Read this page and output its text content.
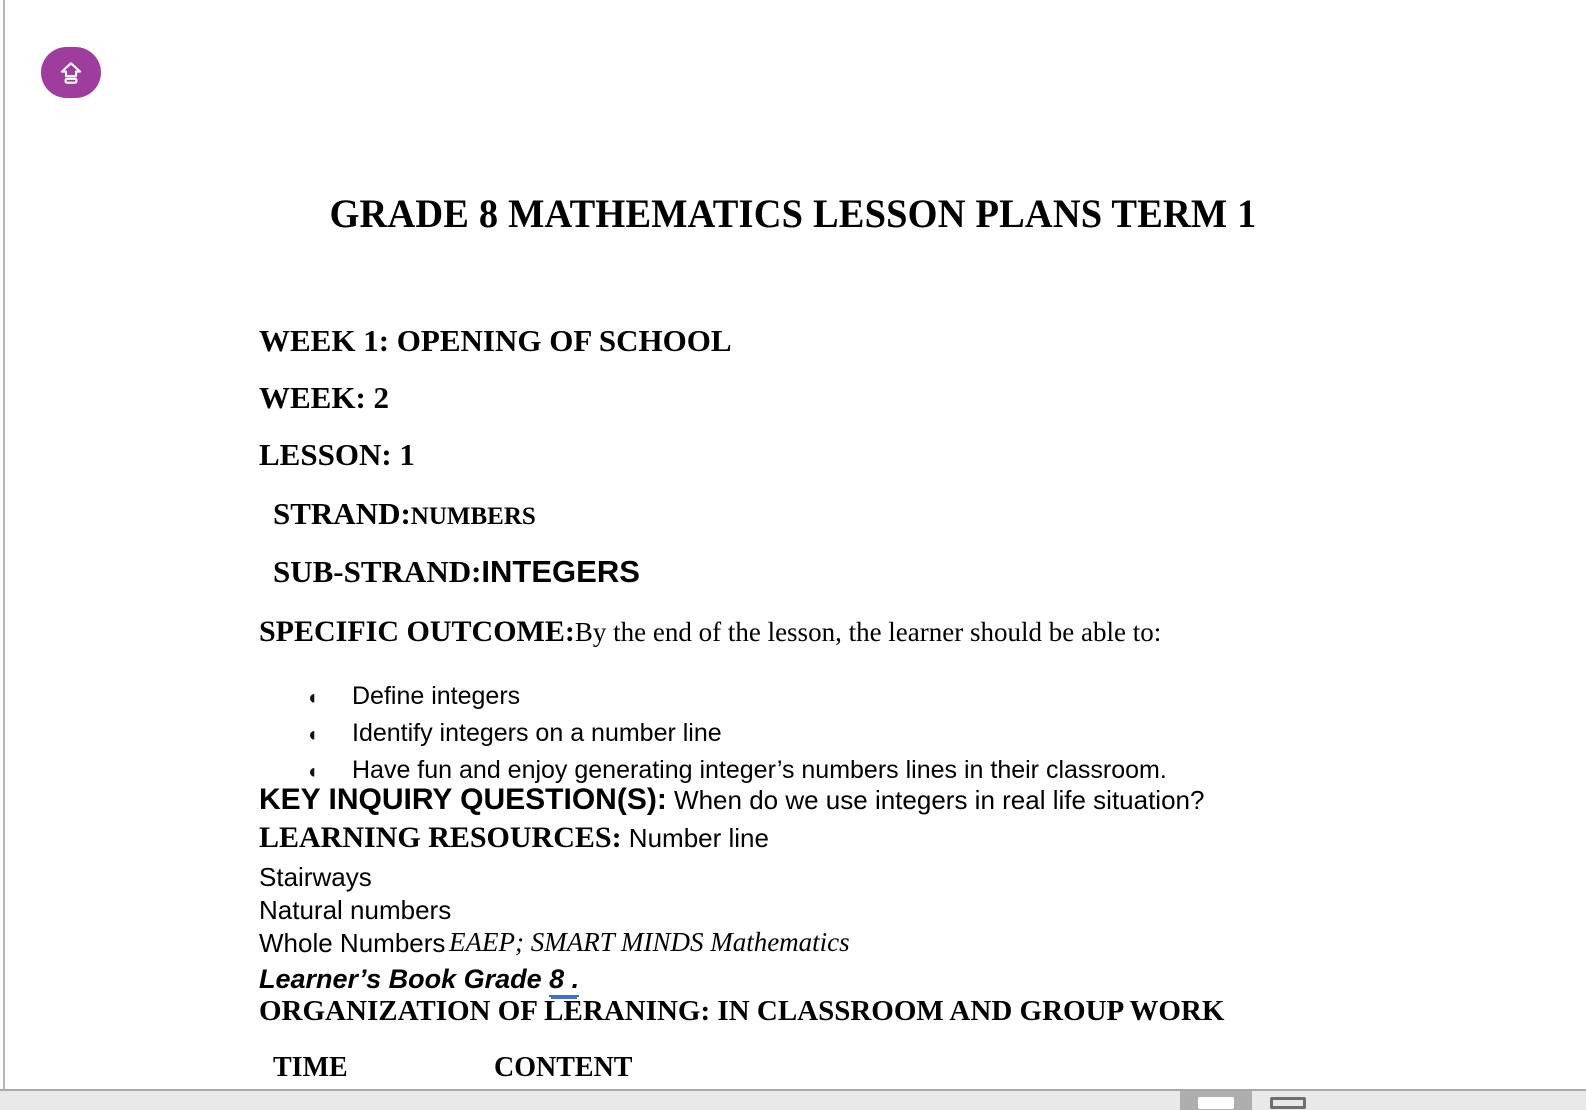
GRADE 8 MATHEMATICS LESSON PLANS TERM 1
WEEK 1: OPENING OF SCHOOL
WEEK: 2
LESSON: 1
STRAND:NUMBERS
SUB-STRAND:INTEGERS
SPECIFIC OUTCOME:By the end of the lesson, the learner should be able to:
◖	Define integers
◖	Identify integers on a number line
◖	Have fun and enjoy generating integer’s numbers lines in their classroom.
KEY INQUIRY QUESTION(S): When do we use integers in real life situation?
LEARNING RESOURCES: Number line
Stairways
Natural numbers
Whole Numbers EAEP; SMART MINDS Mathematics
Learner’s Book Grade 8 .
ORGANIZATION OF LERANING: IN CLASSROOM AND GROUP WORK
TIME	CONTENT
